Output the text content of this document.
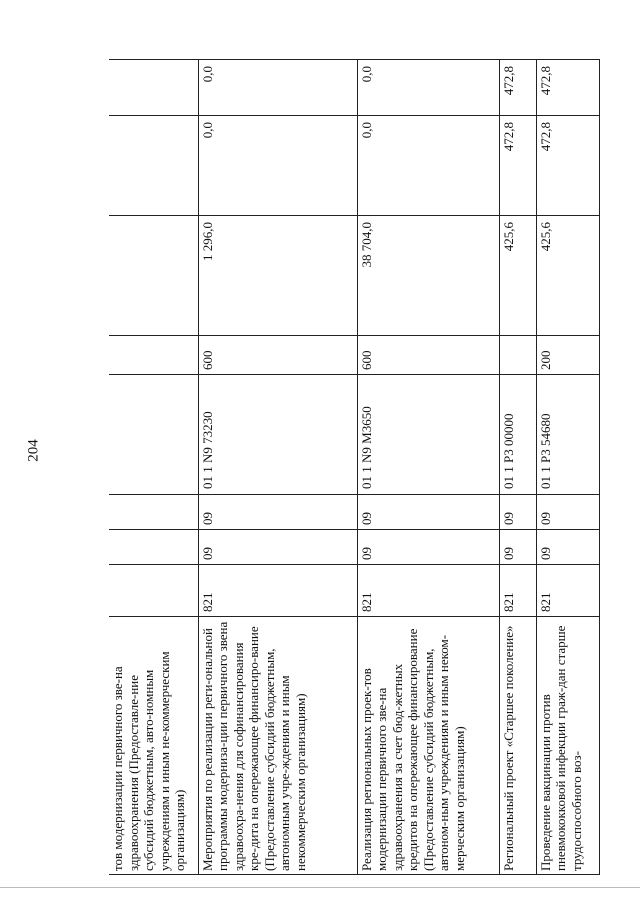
204
тов модернизации первичного зве-на здравоохранения (Предоставле-ние субсидий бюджетным, авто-номным учреждениям и иным не-коммерческим организациям)								
Мероприятия по реализации реги-ональной программы модерниза-ции первичного звена здравоохра-нения для софинансирования кре-дита на опережающее финансиро-вание (Предоставление субсидий бюджетным, автономным учре-ждениям и иным некоммерческим организациям)	821	09	09	01 1 N9 73230	600	1 296,0	0,0	0,0
Реализация региональных проек-тов модернизации первичного зве-на здравоохранения за счет бюд-жетных кредитов на опережающее финансирование (Предоставление субсидий бюджетным, автоном-ным учреждениям и иным неком-мерческим организациям)	821	09	09	01 1 N9 M3650	600	38 704,0	0,0	0,0
Региональный проект «Старшее поколение»	821	09	09	01 1 P3 00000		425,6	472,8	472,8
Проведение вакцинации против пневмококковой инфекции граж-дан старше трудоспособного воз-	821	09	09	01 1 P3 54680	200	425,6	472,8	472,8
